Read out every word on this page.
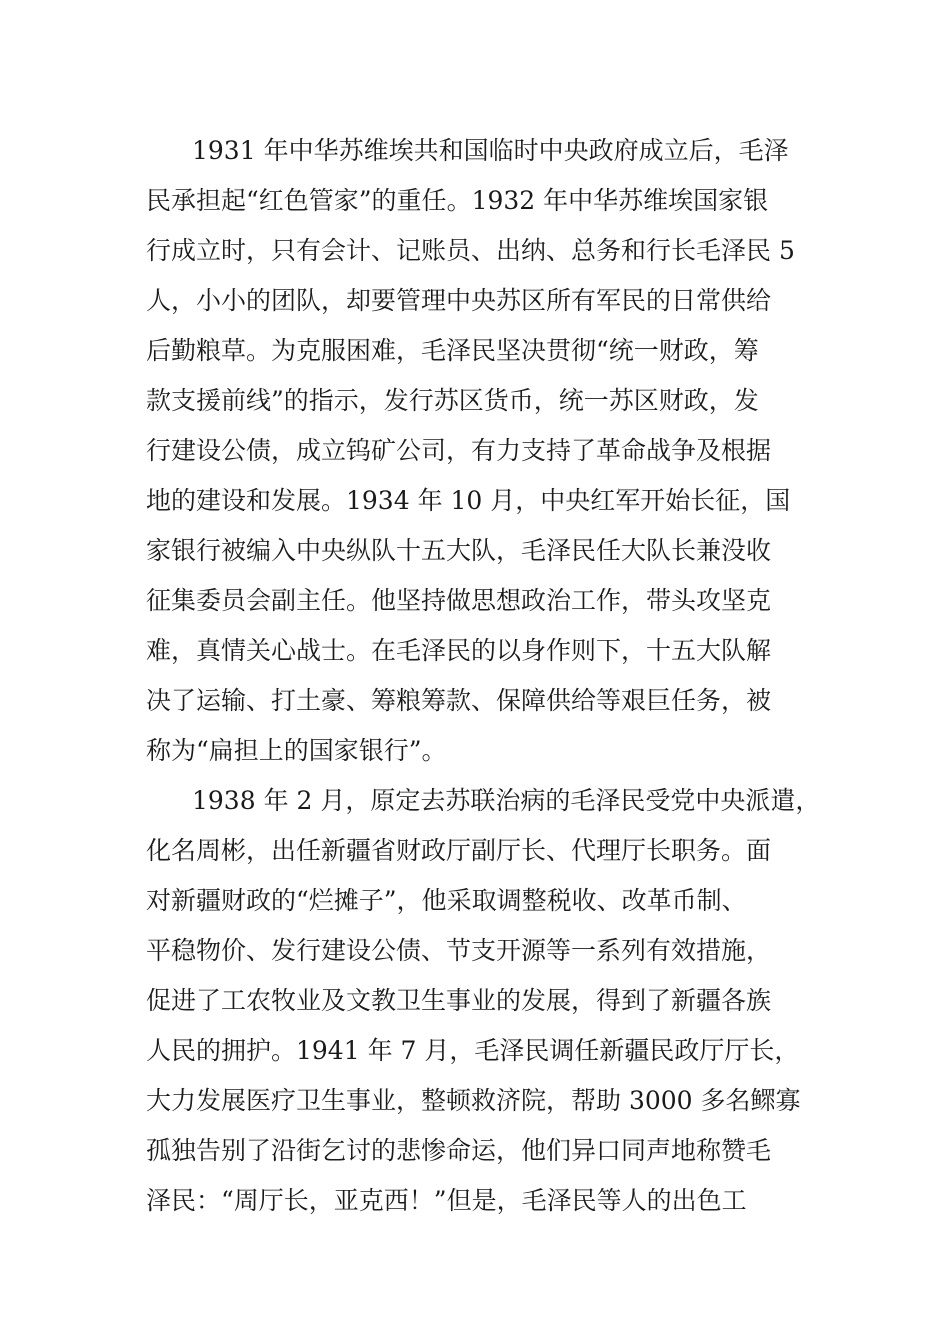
1931 年中华苏维埃共和国临时中央政府成立后，毛泽
民承担起“红色管家”的重任。1932 年中华苏维埃国家银
行成立时，只有会计、记账员、出纳、总务和行长毛泽民 5
人，小小的团队，却要管理中央苏区所有军民的日常供给
后勤粮草。为克服困难，毛泽民坚决贯彻“统一财政，筹
款支援前线”的指示，发行苏区货币，统一苏区财政，发
行建设公债，成立钨矿公司，有力支持了革命战争及根据
地的建设和发展。1934 年 10 月，中央红军开始长征，国
家银行被编入中央纵队十五大队，毛泽民任大队长兼没收
征集委员会副主任。他坚持做思想政治工作，带头攻坚克
难，真情关心战士。在毛泽民的以身作则下，十五大队解
决了运输、打土豪、筹粮筹款、保障供给等艰巨任务，被
称为“扁担上的国家银行”。
1938 年 2 月，原定去苏联治病的毛泽民受党中央派遣，
化名周彬，出任新疆省财政厅副厅长、代理厅长职务。面
对新疆财政的“烂摊子”，他采取调整税收、改革币制、
平稳物价、发行建设公债、节支开源等一系列有效措施，
促进了工农牧业及文教卫生事业的发展，得到了新疆各族
人民的拥护。1941 年 7 月，毛泽民调任新疆民政厅厅长，
大力发展医疗卫生事业，整顿救济院，帮助 3000 多名鳏寡
孤独告别了沿街乞讨的悲惨命运，他们异口同声地称赞毛
泽民：“周厅长，亚克西！”但是，毛泽民等人的出色工
